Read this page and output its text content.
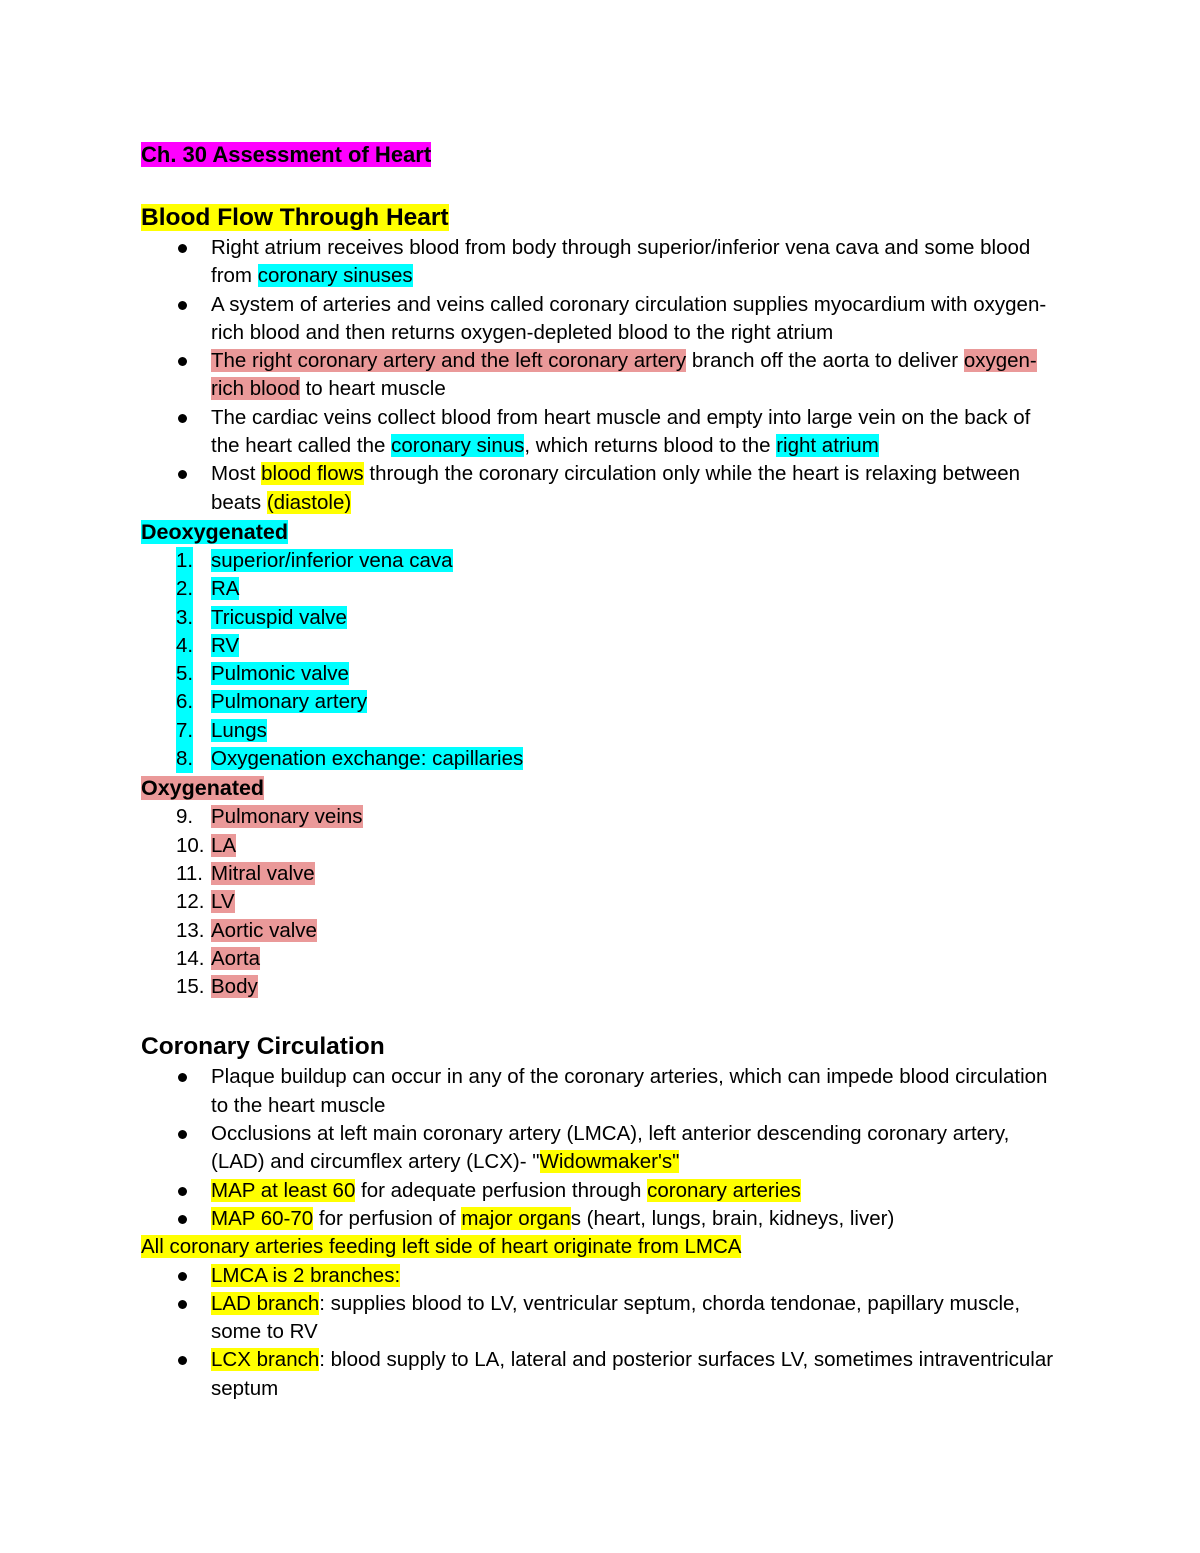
Ch. 30 Assessment of Heart
Blood Flow Through Heart
Right atrium receives blood from body through superior/inferior vena cava and some blood from coronary sinuses
A system of arteries and veins called coronary circulation supplies myocardium with oxygen-rich blood and then returns oxygen-depleted blood to the right atrium
The right coronary artery and the left coronary artery branch off the aorta to deliver oxygen-rich blood to heart muscle
The cardiac veins collect blood from heart muscle and empty into large vein on the back of the heart called the coronary sinus, which returns blood to the right atrium
Most blood flows through the coronary circulation only while the heart is relaxing between beats (diastole)
Deoxygenated
1. superior/inferior vena cava
2. RA
3. Tricuspid valve
4. RV
5. Pulmonic valve
6. Pulmonary artery
7. Lungs
8. Oxygenation exchange: capillaries
Oxygenated
9. Pulmonary veins
10. LA
11. Mitral valve
12. LV
13. Aortic valve
14. Aorta
15. Body
Coronary Circulation
Plaque buildup can occur in any of the coronary arteries, which can impede blood circulation to the heart muscle
Occlusions at left main coronary artery (LMCA), left anterior descending coronary artery, (LAD) and circumflex artery (LCX)- "Widowmaker's"
MAP at least 60 for adequate perfusion through coronary arteries
MAP 60-70 for perfusion of major organs (heart, lungs, brain, kidneys, liver)
All coronary arteries feeding left side of heart originate from LMCA
LMCA is 2 branches:
LAD branch: supplies blood to LV, ventricular septum, chorda tendonae, papillary muscle, some to RV
LCX branch: blood supply to LA, lateral and posterior surfaces LV, sometimes intraventricular septum
